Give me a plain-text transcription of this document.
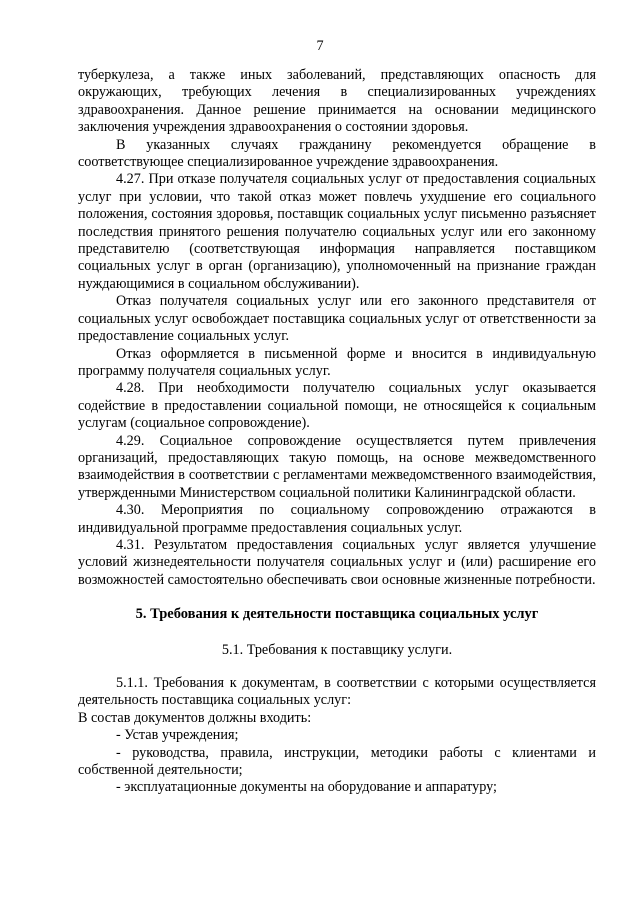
7

туберкулеза, а также иных заболеваний, представляющих опасность для окружающих, требующих лечения в специализированных учреждениях здравоохранения. Данное решение принимается на основании медицинского заключения учреждения здравоохранения о состоянии здоровья.

В указанных случаях гражданину рекомендуется обращение в соответствующее специализированное учреждение здравоохранения.

4.27. При отказе получателя социальных услуг от предоставления социальных услуг при условии, что такой отказ может повлечь ухудшение его социального положения, состояния здоровья, поставщик социальных услуг письменно разъясняет последствия принятого решения получателю социальных услуг или его законному представителю (соответствующая информация направляется поставщиком социальных услуг в орган (организацию), уполномоченный на признание граждан нуждающимися в социальном обслуживании).

Отказ получателя социальных услуг или его законного представителя от социальных услуг освобождает поставщика социальных услуг от ответственности за предоставление социальных услуг.

Отказ оформляется в письменной форме и вносится в индивидуальную программу получателя социальных услуг.

4.28. При необходимости получателю социальных услуг оказывается содействие в предоставлении социальной помощи, не относящейся к социальным услугам (социальное сопровождение).

4.29. Социальное сопровождение осуществляется путем привлечения организаций, предоставляющих такую помощь, на основе межведомственного взаимодействия в соответствии с регламентами межведомственного взаимодействия, утвержденными Министерством социальной политики Калининградской области.

4.30. Мероприятия по социальному сопровождению отражаются в индивидуальной программе предоставления социальных услуг.

4.31. Результатом предоставления социальных услуг является улучшение условий жизнедеятельности получателя социальных услуг и (или) расширение его возможностей самостоятельно обеспечивать свои основные жизненные потребности.

5. Требования к деятельности поставщика социальных услуг

5.1. Требования к поставщику услуги.

5.1.1. Требования к документам, в соответствии с которыми осуществляется деятельность поставщика социальных услуг:

В состав документов должны входить:

- Устав учреждения;

- руководства, правила, инструкции, методики работы с клиентами и собственной деятельности;

- эксплуатационные документы на оборудование и аппаратуру;
